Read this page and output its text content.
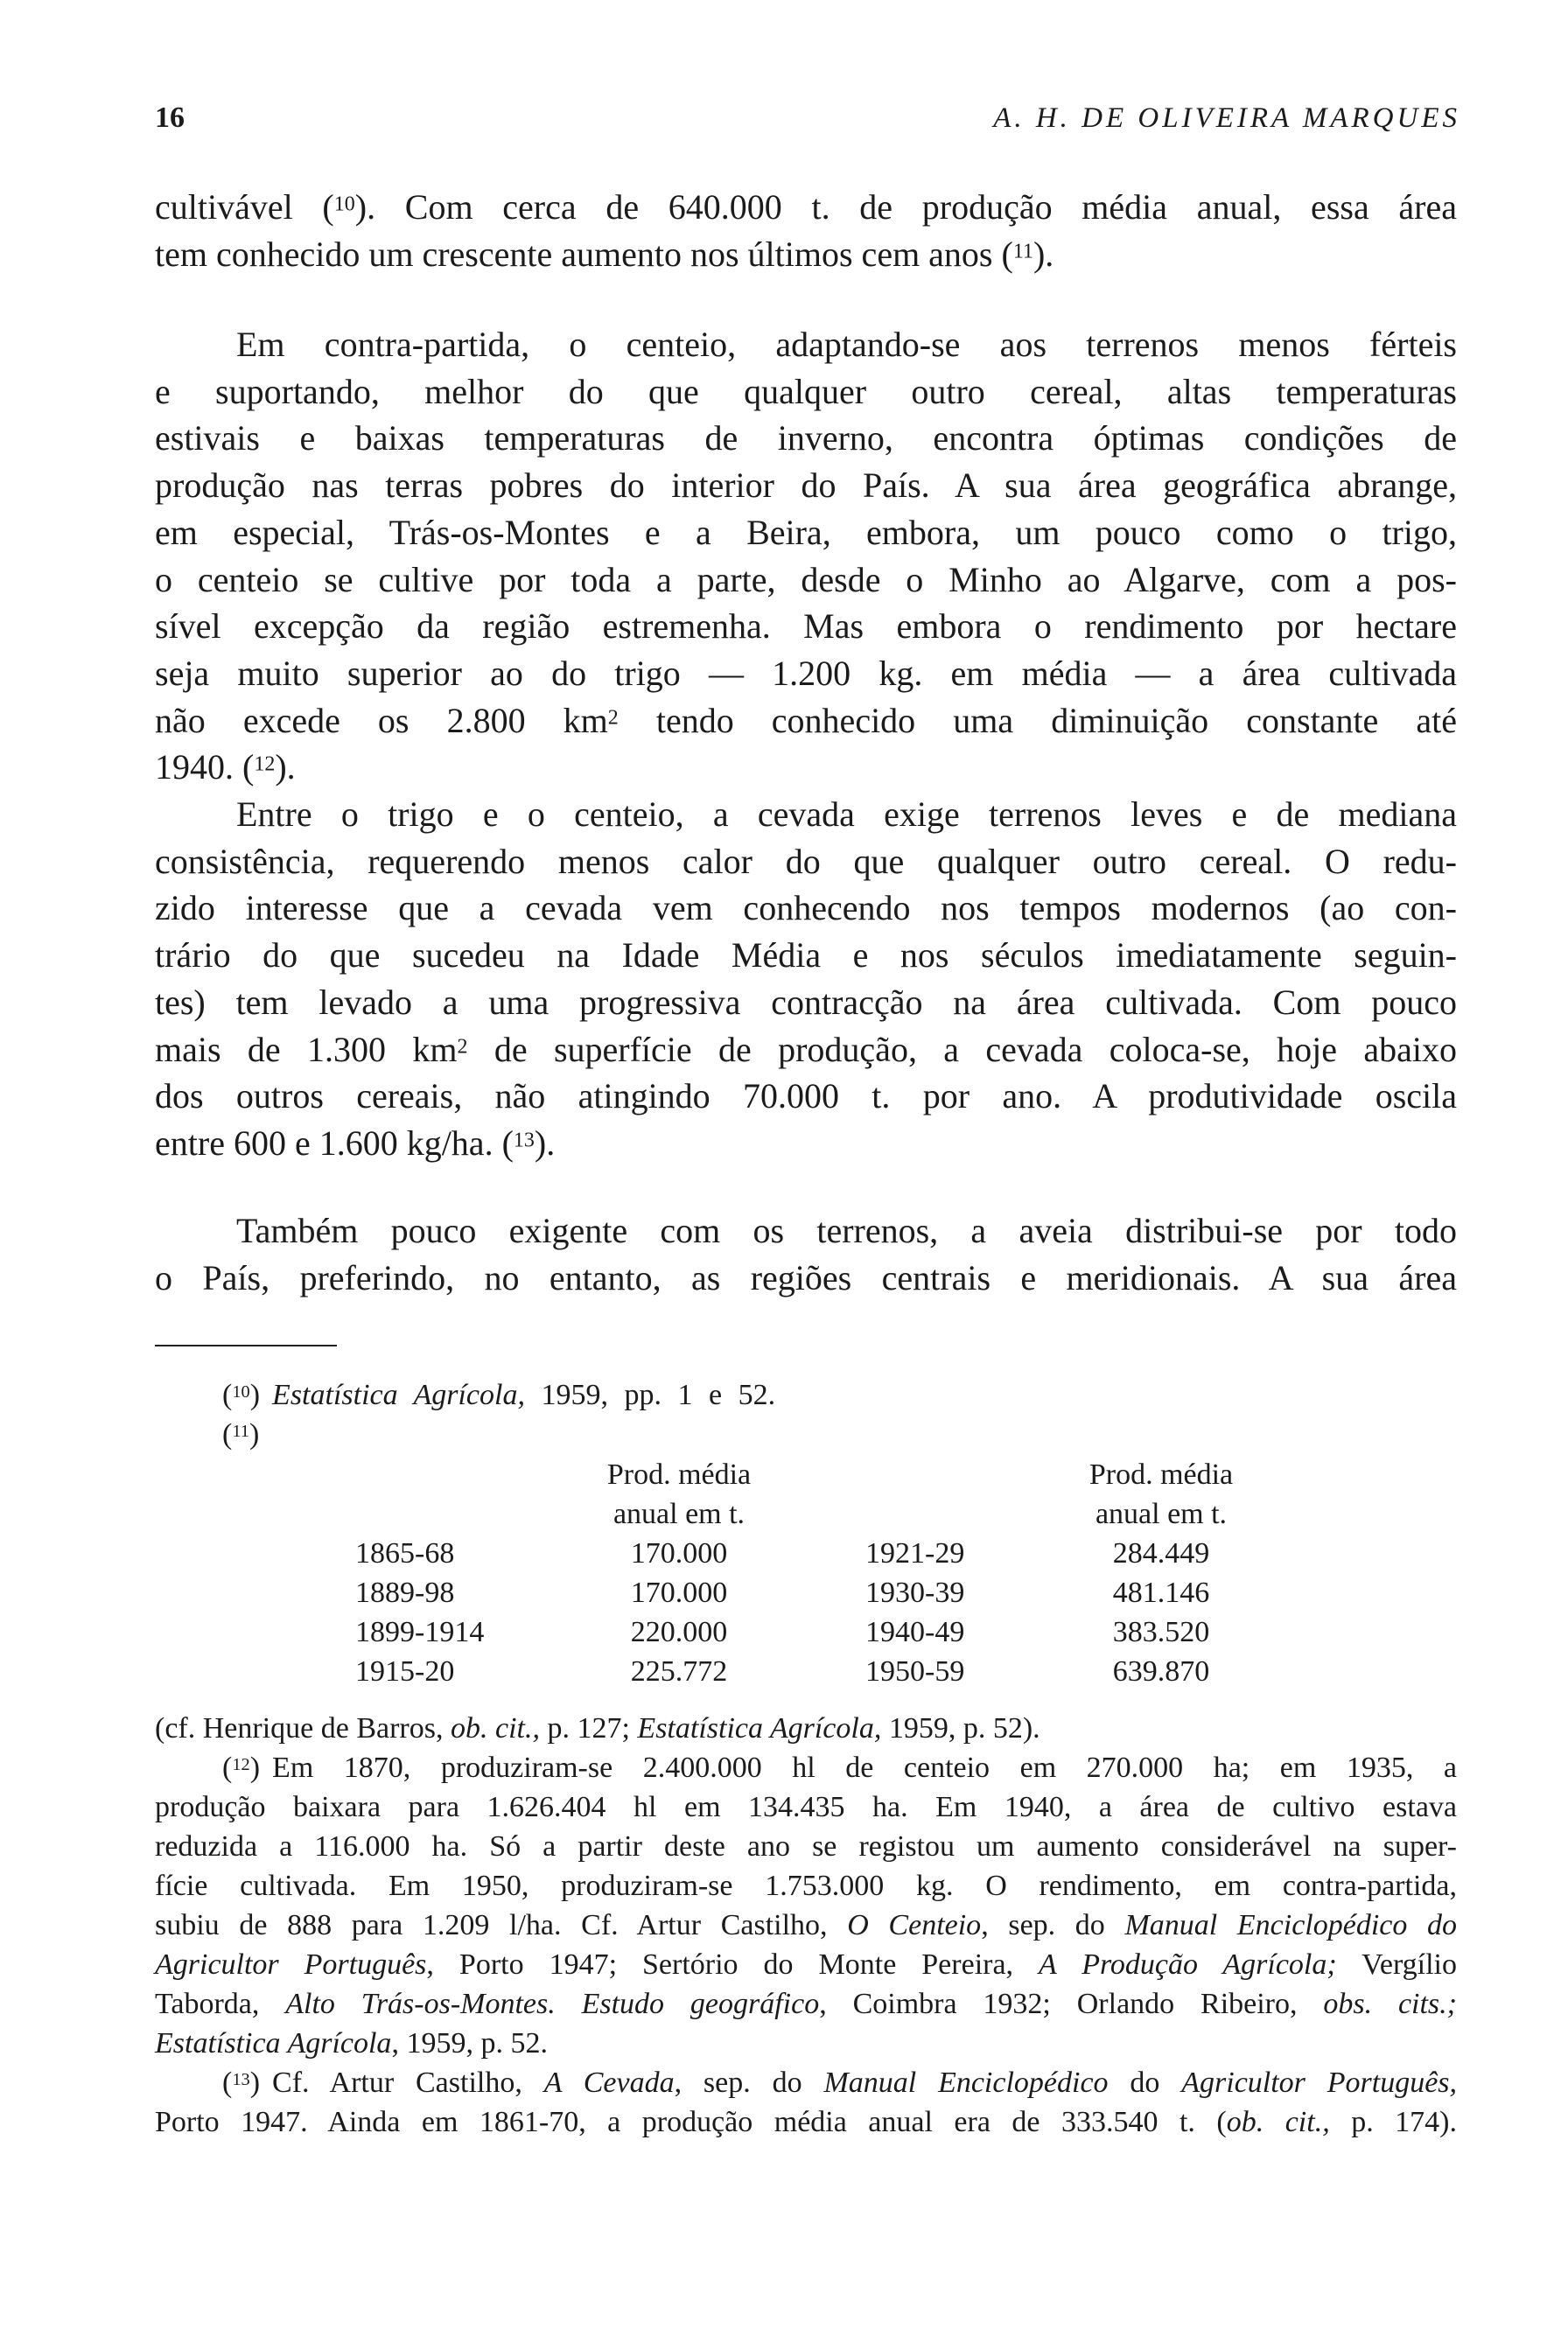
16	A. H. DE OLIVEIRA MARQUES
cultivável ($^{10}$). Com cerca de 640.000 t. de produção média anual, essa área
tem conhecido um crescente aumento nos últimos cem anos ($^{11}$).
Em contra-partida, o centeio, adaptando-se aos terrenos menos férteis
e suportando, melhor do que qualquer outro cereal, altas temperaturas
estivais e baixas temperaturas de inverno, encontra óptimas condições de
produção nas terras pobres do interior do País. A sua área geográfica abrange,
em especial, Trás-os-Montes e a Beira, embora, um pouco como o trigo,
o centeio se cultive por toda a parte, desde o Minho ao Algarve, com a pos-
sível excepção da região estremenha. Mas embora o rendimento por hectare
seja muito superior ao do trigo — 1.200 kg. em média — a área cultivada
não excede os 2.800 $km^2$ tendo conhecido uma diminuição constante até
1940. ($^{12}$).
Entre o trigo e o centeio, a cevada exige terrenos leves e de mediana
consistência, requerendo menos calor do que qualquer outro cereal. O redu-
zido interesse que a cevada vem conhecendo nos tempos modernos (ao con-
trário do que sucedeu na Idade Média e nos séculos imediatamente seguin-
tes) tem levado a uma progressiva contracção na área cultivada. Com pouco
mais de 1.300 $km^2$ de superfície de produção, a cevada coloca-se, hoje abaixo
dos outros cereais, não atingindo 70.000 t. por ano. A produtividade oscila
entre 600 e 1.600 kg/ha. ($^{13}$).
Também pouco exigente com os terrenos, a aveia distribui-se por todo
o País, preferindo, no entanto, as regiões centrais e meridionais. A sua área
($^{10}$) Estatística Agrícola, 1959, pp. 1 e 52.
($^{11}$)
Prod. média
anual em t.
Prod. média
anual em t.
1865-68
1889-98
1899-1914
1915-20
170.000
170.000
220.000
225.772
1921-29
1930-39
1940-49
1950-59
284.449
481.146
383.520
639.870
(cf. Henrique de Barros, ob. cit., p. 127; Estatística Agrícola, 1959, p. 52).
($^{12}$) Em 1870, produziram-se 2.400.000 hl de centeio em 270.000 ha; em 1935, a
produção baixara para 1.626.404 hl em 134.435 ha. Em 1940, a área de cultivo estava
reduzida a 116.000 ha. Só a partir deste ano se registou um aumento considerável na super-
fície cultivada. Em 1950, produziram-se 1.753.000 kg. O rendimento, em contra-partida,
subiu de 888 para 1.209 l/ha. Cf. Artur Castilho, O Centeio, sep. do Manual Enciclopédico do
Agricultor Português, Porto 1947; Sertório do Monte Pereira, A Produção Agrícola; Vergílio
Taborda, Alto Trás-os-Montes. Estudo geográfico, Coimbra 1932; Orlando Ribeiro, obs. cits.;
Estatística Agrícola, 1959, p. 52.
($^{13}$) Cf. Artur Castilho, A Cevada, sep. do Manual Enciclopédico do Agricultor Português,
Porto 1947. Ainda em 1861-70, a produção média anual era de 333.540 t. (ob. cit., p. 174).
